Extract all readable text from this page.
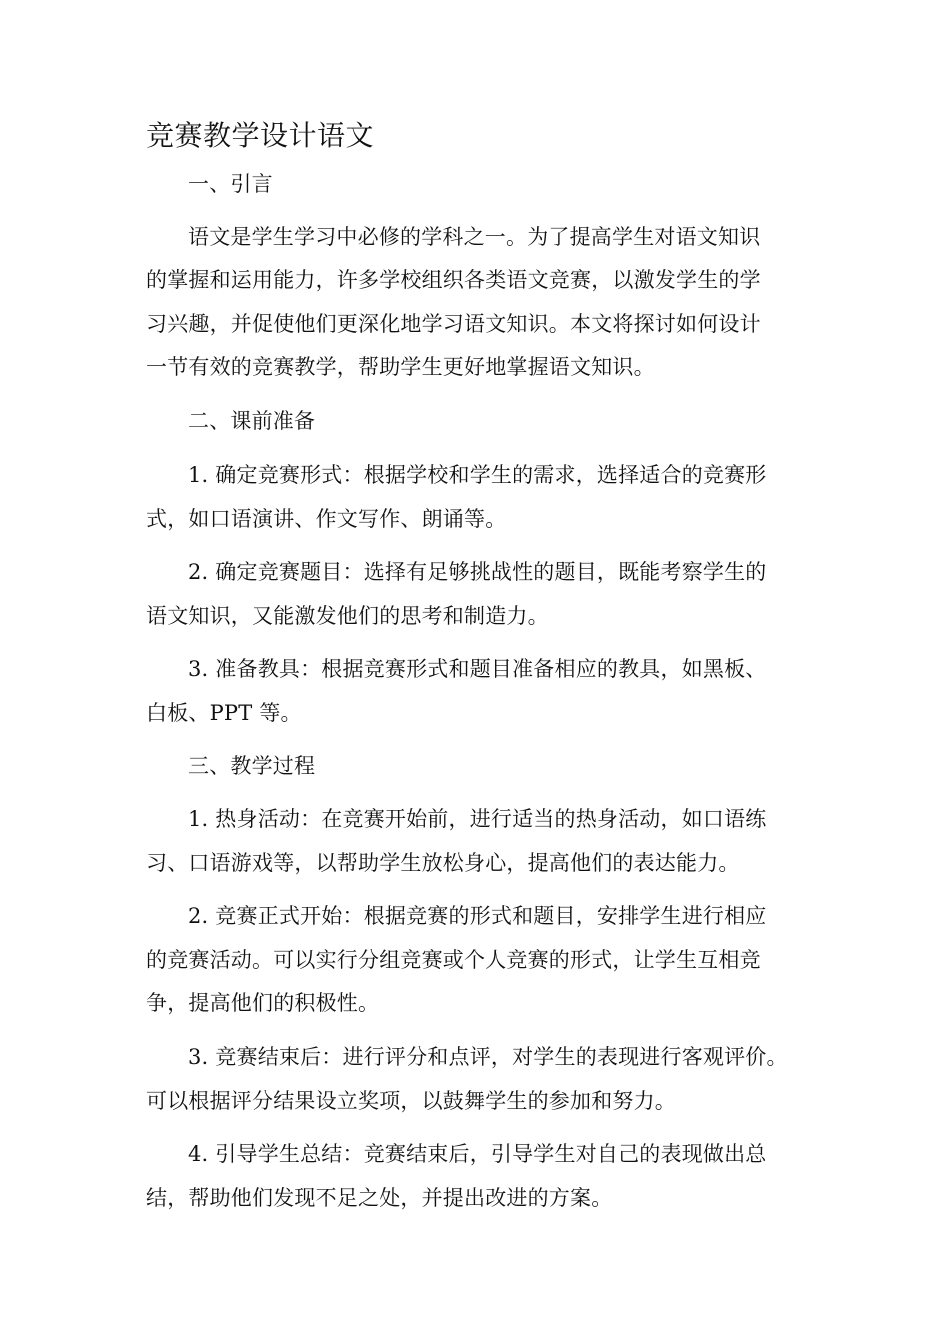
竞赛教学设计语文
一、引言
语文是学生学习中必修的学科之一。为了提高学生对语文知识
的掌握和运用能力，许多学校组织各类语文竞赛，以激发学生的学
习兴趣，并促使他们更深化地学习语文知识。本文将探讨如何设计
一节有效的竞赛教学，帮助学生更好地掌握语文知识。
二、课前准备
1. 确定竞赛形式：根据学校和学生的需求，选择适合的竞赛形
式，如口语演讲、作文写作、朗诵等。
2. 确定竞赛题目：选择有足够挑战性的题目，既能考察学生的
语文知识，又能激发他们的思考和制造力。
3. 准备教具：根据竞赛形式和题目准备相应的教具，如黑板、
白板、PPT 等。
三、教学过程
1. 热身活动：在竞赛开始前，进行适当的热身活动，如口语练
习、口语游戏等，以帮助学生放松身心，提高他们的表达能力。
2. 竞赛正式开始：根据竞赛的形式和题目，安排学生进行相应
的竞赛活动。可以实行分组竞赛或个人竞赛的形式，让学生互相竞
争，提高他们的积极性。
3. 竞赛结束后：进行评分和点评，对学生的表现进行客观评价。
可以根据评分结果设立奖项，以鼓舞学生的参加和努力。
4. 引导学生总结：竞赛结束后，引导学生对自己的表现做出总
结，帮助他们发现不足之处，并提出改进的方案。
